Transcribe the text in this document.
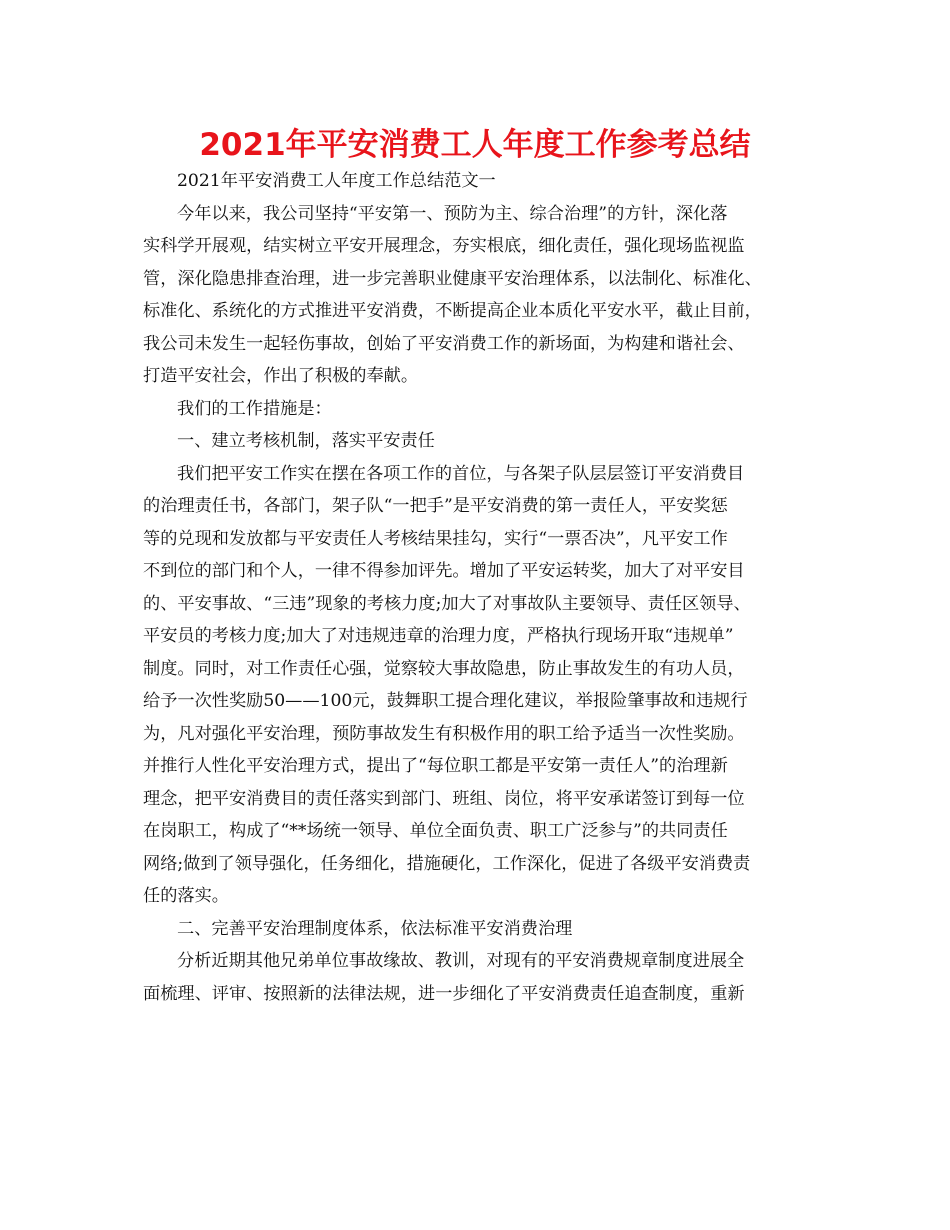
2021年平安消费工人年度工作参考总结
2021年平安消费工人年度工作总结范文一
今年以来，我公司坚持“平安第一、预防为主、综合治理”的方针，深化落
实科学开展观，结实树立平安开展理念，夯实根底，细化责任，强化现场监视监
管，深化隐患排查治理，进一步完善职业健康平安治理体系，以法制化、标准化、
标准化、系统化的方式推进平安消费，不断提高企业本质化平安水平，截止目前，
我公司未发生一起轻伤事故，创始了平安消费工作的新场面，为构建和谐社会、
打造平安社会，作出了积极的奉献。
我们的工作措施是：
一、建立考核机制，落实平安责任
我们把平安工作实在摆在各项工作的首位，与各架子队层层签订平安消费目
的治理责任书，各部门，架子队“一把手”是平安消费的第一责任人，平安奖惩
等的兑现和发放都与平安责任人考核结果挂勾，实行“一票否决”，凡平安工作
不到位的部门和个人，一律不得参加评先。增加了平安运转奖，加大了对平安目
的、平安事故、“三违”现象的考核力度;加大了对事故队主要领导、责任区领导、
平安员的考核力度;加大了对违规违章的治理力度，严格执行现场开取“违规单”
制度。同时，对工作责任心强，觉察较大事故隐患，防止事故发生的有功人员，
给予一次性奖励50——100元，鼓舞职工提合理化建议，举报险肇事故和违规行
为，凡对强化平安治理，预防事故发生有积极作用的职工给予适当一次性奖励。
并推行人性化平安治理方式，提出了“每位职工都是平安第一责任人”的治理新
理念，把平安消费目的责任落实到部门、班组、岗位，将平安承诺签订到每一位
在岗职工，构成了“**场统一领导、单位全面负责、职工广泛参与”的共同责任
网络;做到了领导强化，任务细化，措施硬化，工作深化，促进了各级平安消费责
任的落实。
二、完善平安治理制度体系，依法标准平安消费治理
分析近期其他兄弟单位事故缘故、教训，对现有的平安消费规章制度进展全
面梳理、评审、按照新的法律法规，进一步细化了平安消费责任追查制度，重新
